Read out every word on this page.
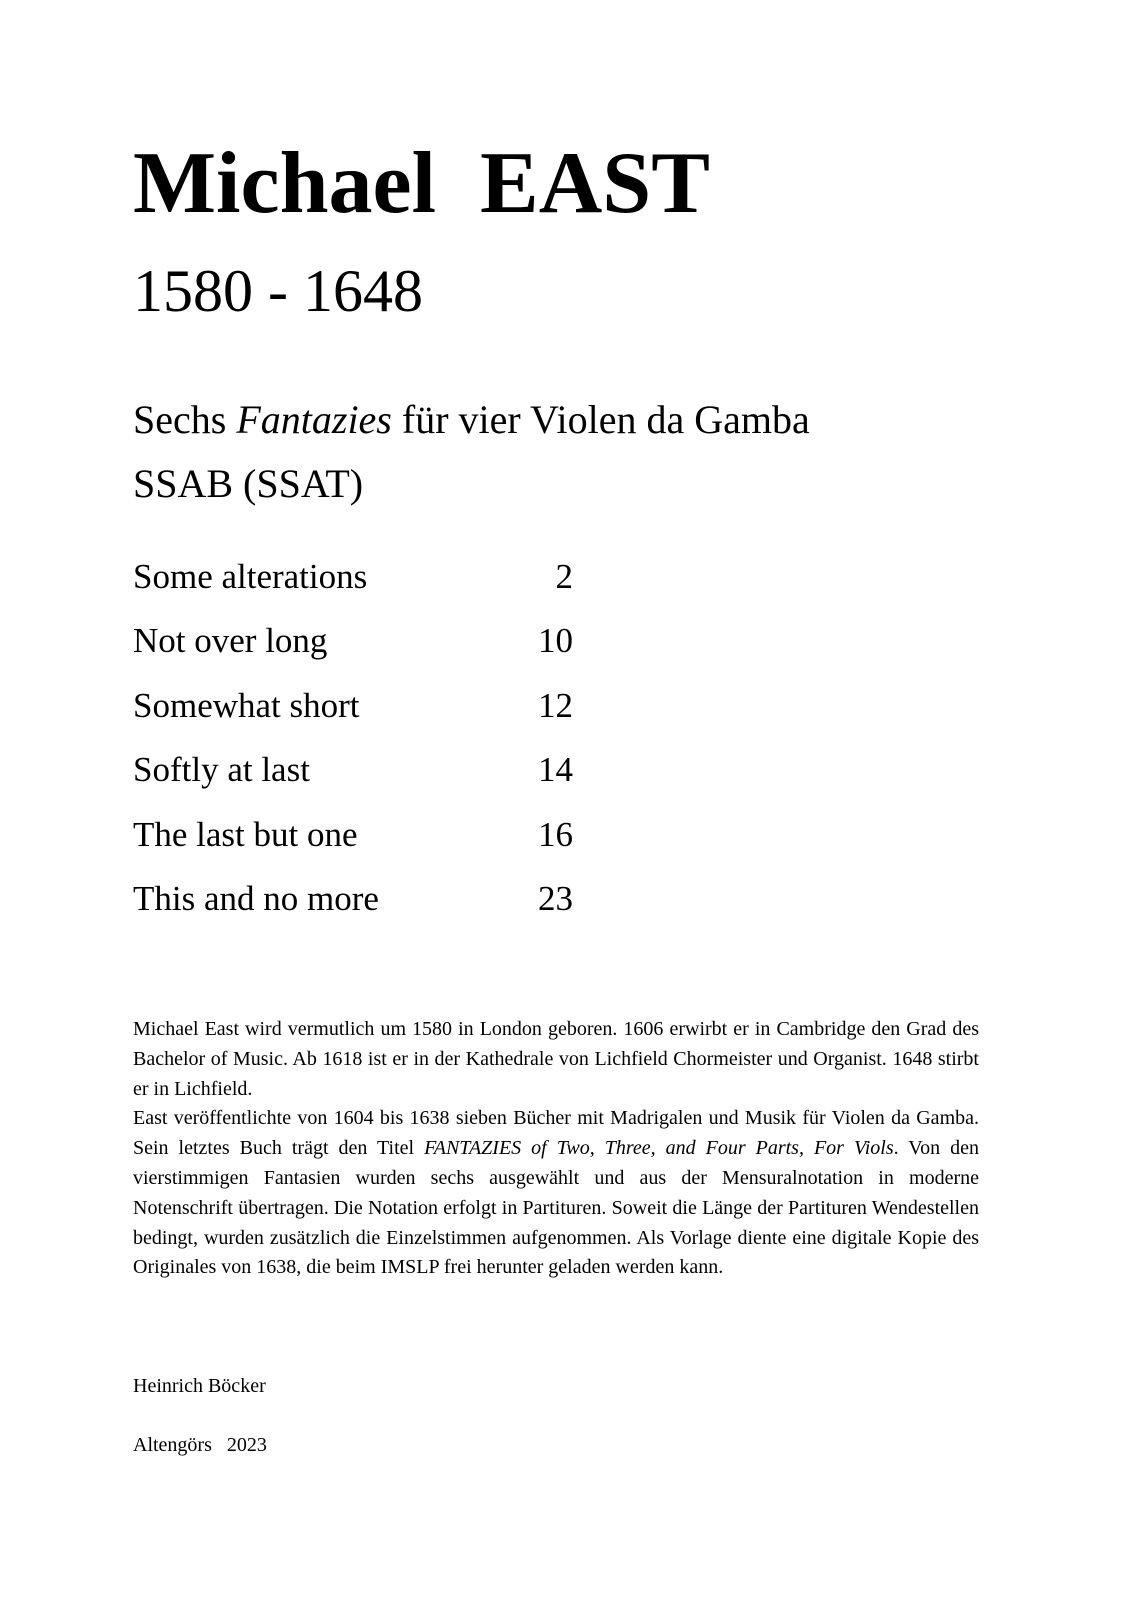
Michael  EAST
1580 - 1648
Sechs Fantazies für vier Violen da Gamba
SSAB (SSAT)
Some alterations	2
Not over long	10
Somewhat short	12
Softly at last	14
The last but one	16
This and no more	23

Michael East wird vermutlich um 1580 in London geboren. 1606 erwirbt er in Cambridge den Grad des Bachelor of Music. Ab 1618 ist er in der Kathedrale von Lichfield Chormeister und Organist. 1648 stirbt er in Lichfield.

East veröffentlichte von 1604 bis 1638 sieben Bücher mit Madrigalen und Musik für Violen da Gamba. Sein letztes Buch trägt den Titel FANTAZIES of Two, Three, and Four Parts, For Viols. Von den vierstimmigen Fantasien wurden sechs ausgewählt und aus der Mensuralnotation in moderne Notenschrift übertragen. Die Notation erfolgt in Partituren. Soweit die Länge der Partituren Wendestellen bedingt, wurden zusätzlich die Einzelstimmen aufgenommen. Als Vorlage diente eine digitale Kopie des Originales von 1638, die beim IMSLP frei herunter geladen werden kann.

Heinrich Böcker
Altengörs   2023
